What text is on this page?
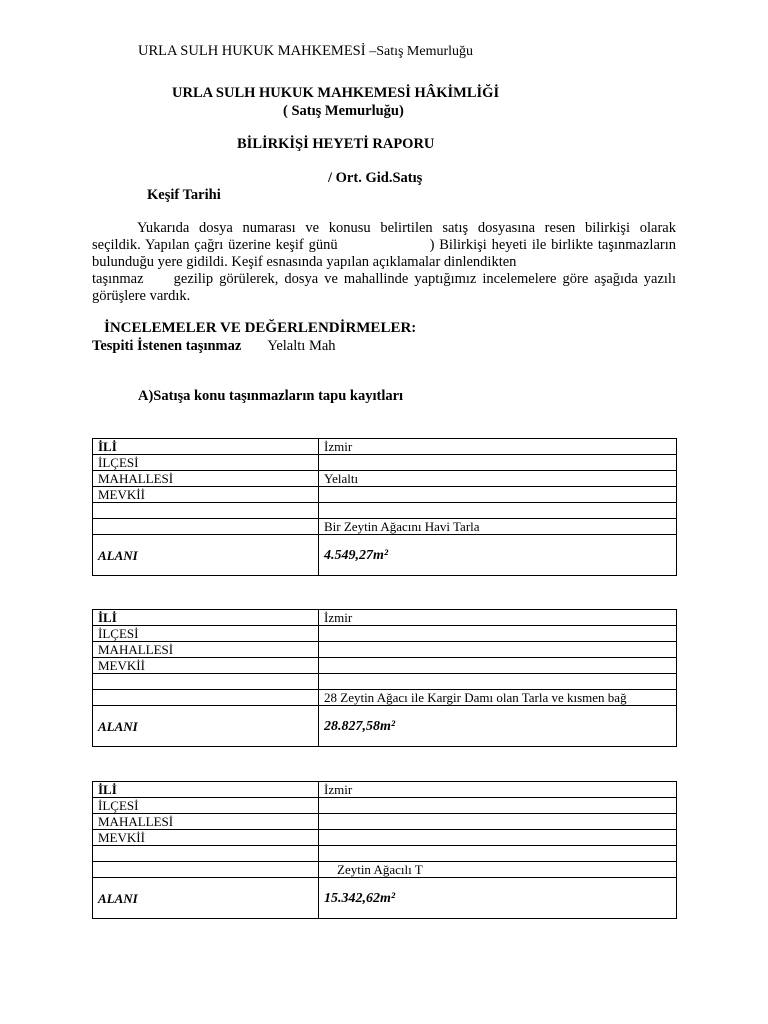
URLA SULH HUKUK MAHKEMESİ –Satış Memurluğu
URLA SULH HUKUK MAHKEMESİ HÂKİMLİĞİ
( Satış Memurluğu)
BİLİRKİŞİ HEYETİ RAPORU
/ Ort. Gid.Satış
Keşif Tarihi
Yukarıda dosya numarası ve konusu belirtilen satış dosyasına resen bilirkişi olarak
seçildik. Yapılan çağrı üzerine keşif günü	) Bilirkişi heyeti ile birlikte taşınmazların
bulunduğu yere gidildi. Keşif esnasında yapılan açıklamalar dinlendikten
taşınmaz     gezilip görülerek, dosya ve mahallinde yaptığımız incelemelere göre aşağıda yazılı
görüşlere vardık.
İNCELEMELER VE DEĞERLENDİRMELER:
Tespiti İstenen taşınmaz Yelaltı Mah
A)Satışa konu taşınmazların tapu kayıtları
İLİ	İzmir
İLÇESİ	
MAHALLESİ	Yelaltı
MEVKİİ	

	Bir Zeytin Ağacını Havi Tarla
ALANI	4.549,27m²
İLİ	İzmir
İLÇESİ	
MAHALLESİ	
MEVKİİ	

	28 Zeytin Ağacı ile Kargir Damı olan Tarla ve kısmen bağ
ALANI	28.827,58m²
İLİ	İzmir
İLÇESİ	
MAHALLESİ	
MEVKİİ	

	Zeytin Ağacılı T
ALANI	15.342,62m²
